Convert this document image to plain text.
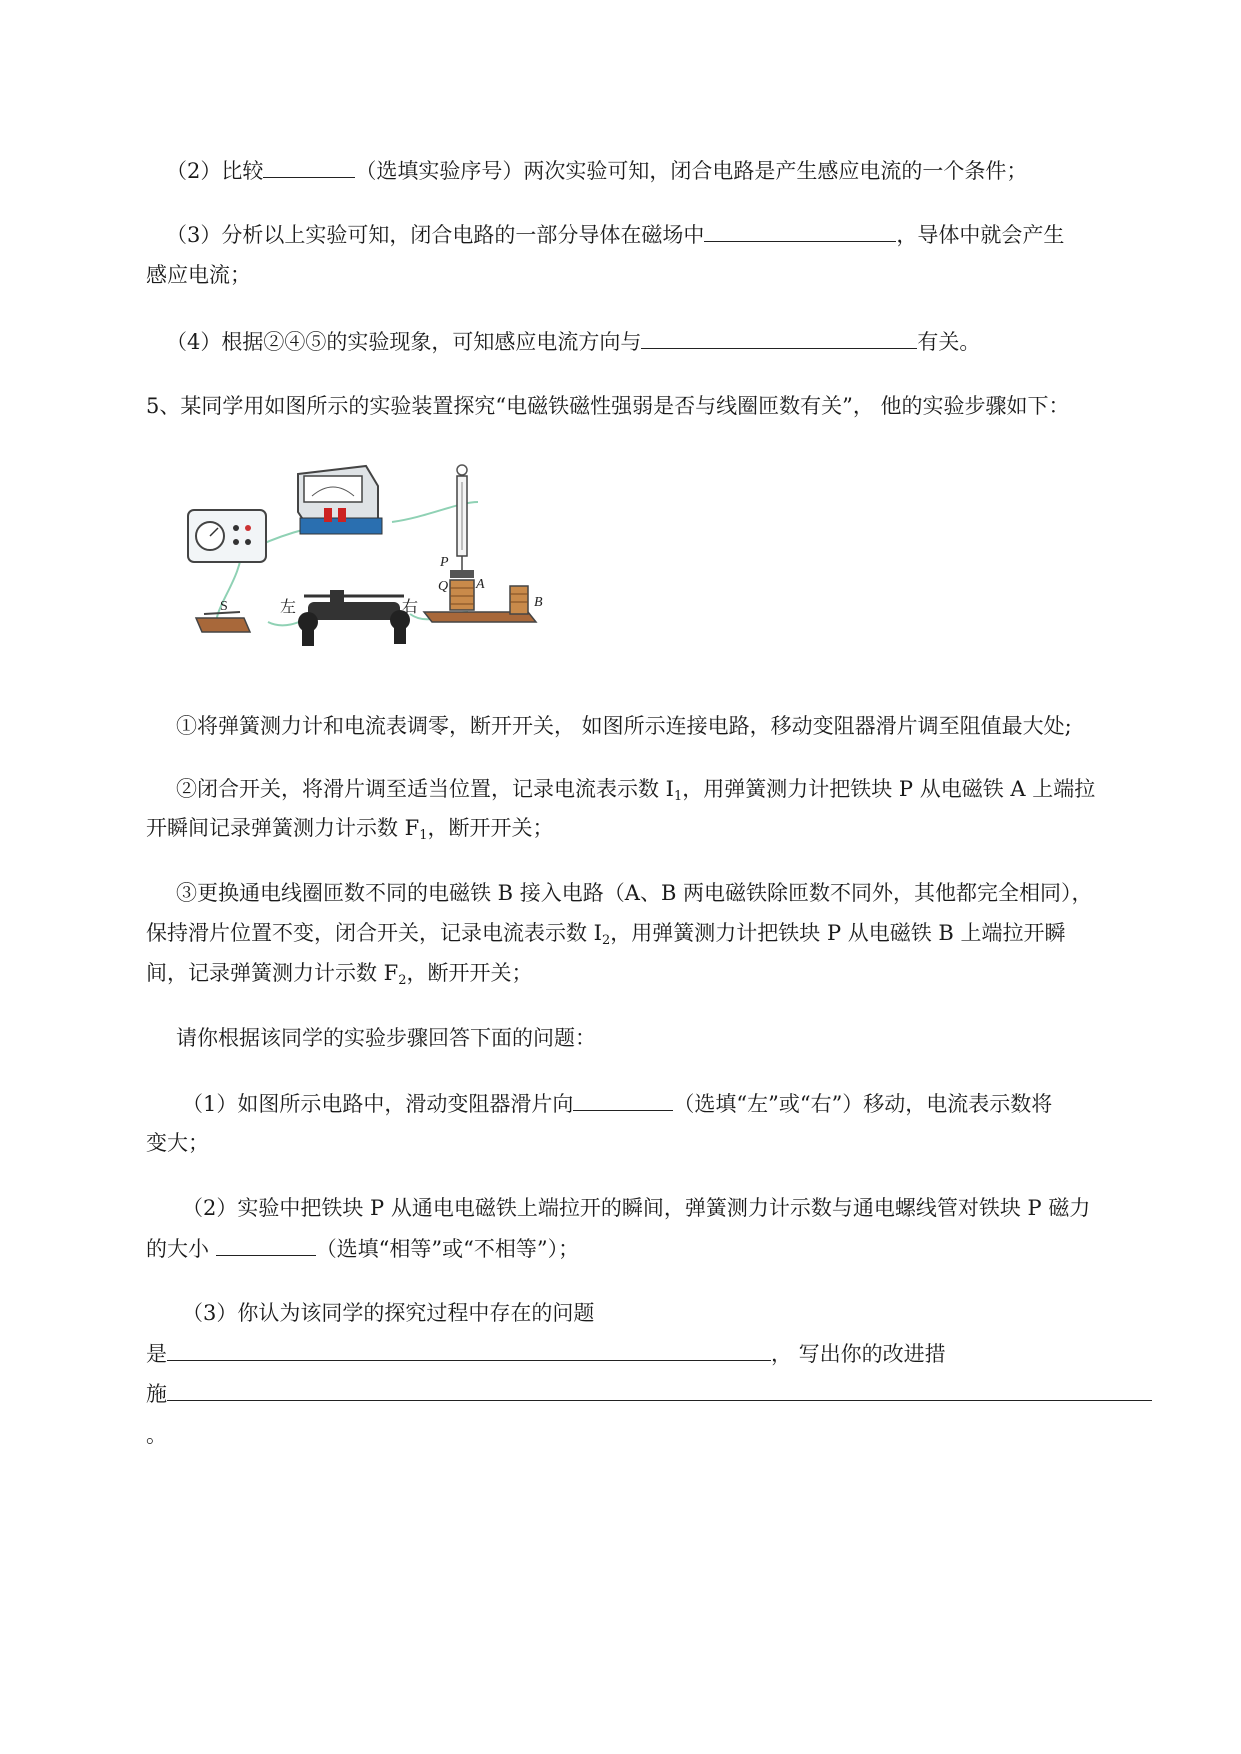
（2）比较	（选填实验序号）两次实验可知，闭合电路是产生感应电流的一个条件；
（3）分析以上实验可知，闭合电路的一部分导体在磁场中	，导体中就会产生
感应电流；
（4）根据②④⑤的实验现象，可知感应电流方向与	有关。
5、某同学用如图所示的实验装置探究“电磁铁磁性强弱是否与线圈匝数有关”， 他的实验步骤如下：
S	左	右
P
Q A
B
①将弹簧测力计和电流表调零，断开开关， 如图所示连接电路，移动变阻器滑片调至阻值最大处;
②闭合开关，将滑片调至适当位置，记录电流表示数 $I_1$，用弹簧测力计把铁块 P 从电磁铁 A 上端拉
开瞬间记录弹簧测力计示数 $F_1$，断开开关；
③更换通电线圈匝数不同的电磁铁 B 接入电路（A、B 两电磁铁除匝数不同外，其他都完全相同），
保持滑片位置不变，闭合开关，记录电流表示数 $I_2$，用弹簧测力计把铁块 P 从电磁铁 B 上端拉开瞬
间，记录弹簧测力计示数 $F_2$，断开开关；
请你根据该同学的实验步骤回答下面的问题：
（1）如图所示电路中，滑动变阻器滑片向	（选填“左”或“右”）移动，电流表示数将
变大；
（2）实验中把铁块 P 从通电电磁铁上端拉开的瞬间，弹簧测力计示数与通电螺线管对铁块 P 磁力
的大小	（选填“相等”或“不相等”）；
（3）你认为该同学的探究过程中存在的问题
是	， 写出你的改进措
施
。
